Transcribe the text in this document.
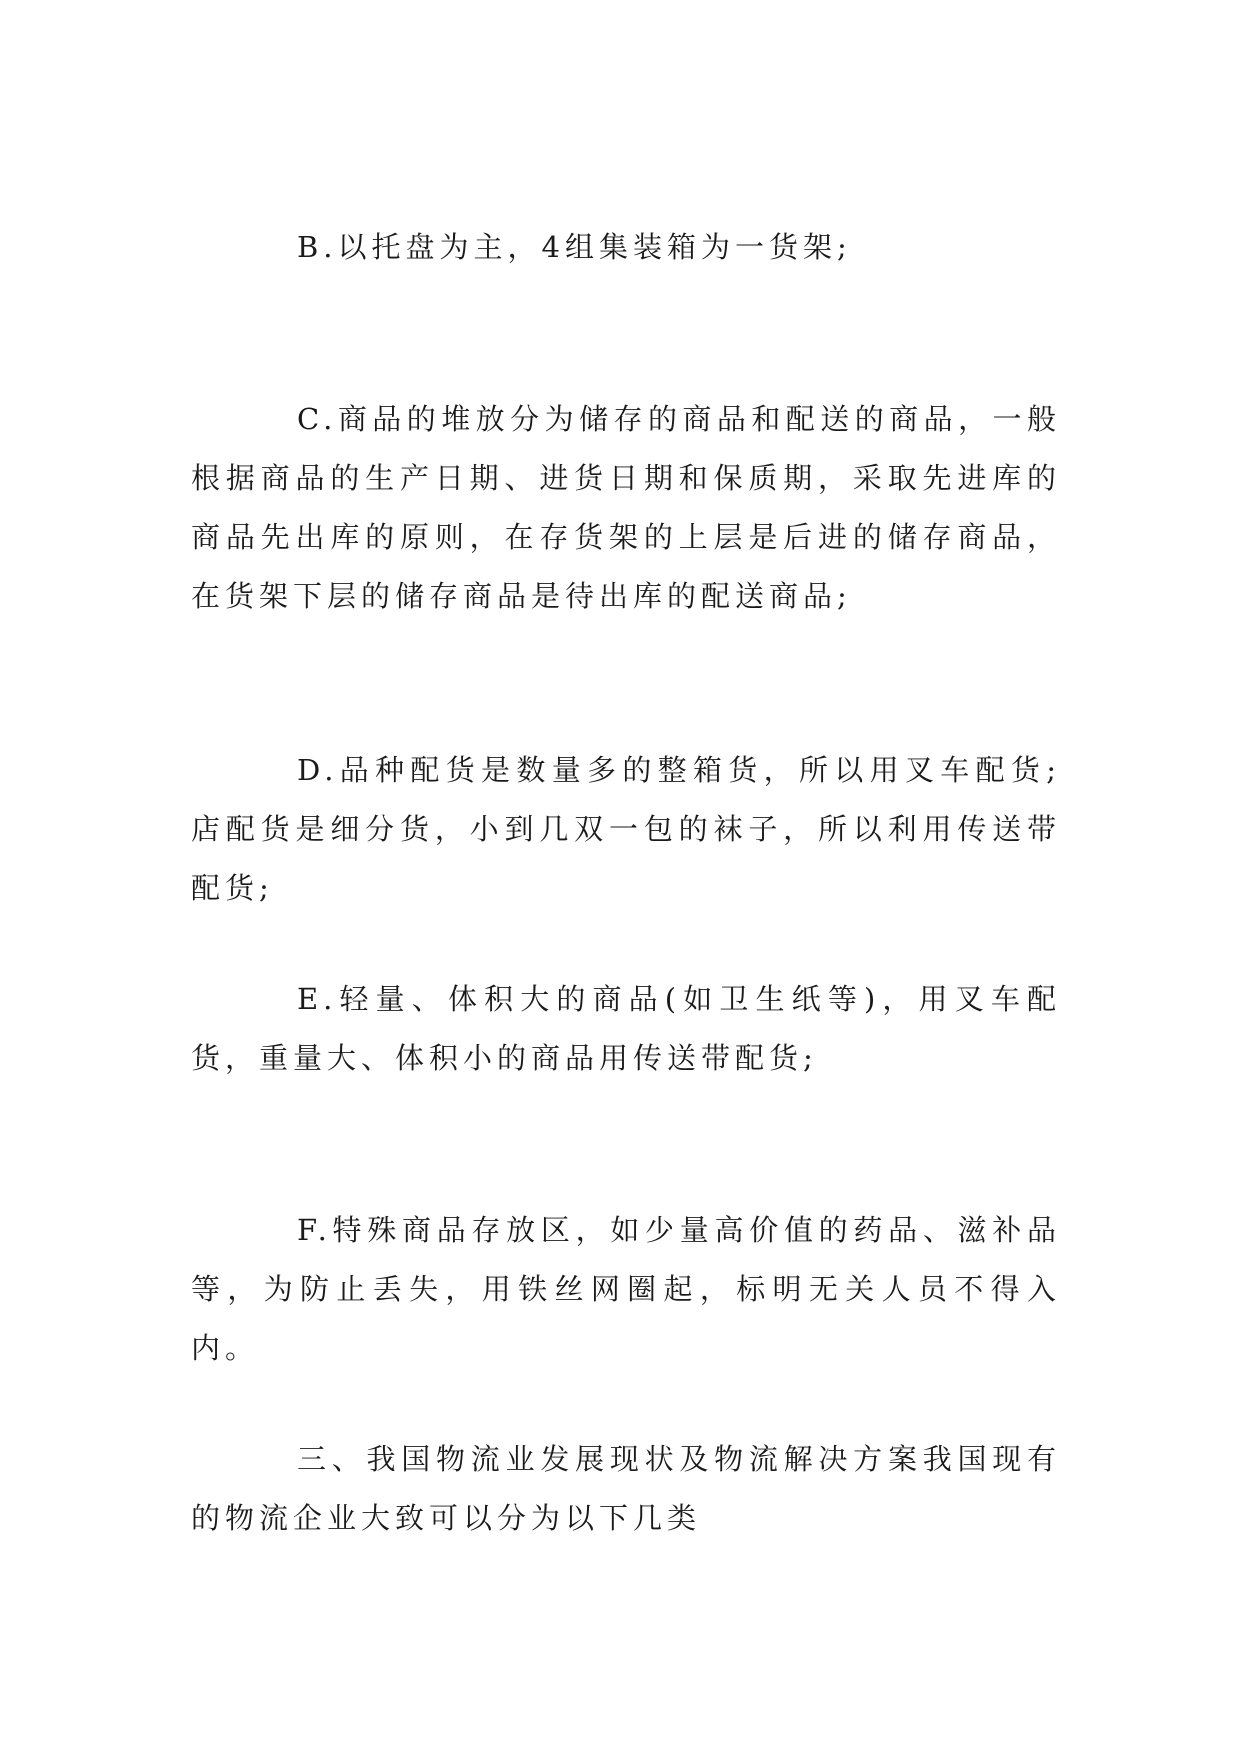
B.以托盘为主，4组集装箱为一货架;

C.商品的堆放分为储存的商品和配送的商品，一般根据商品的生产日期、进货日期和保质期，采取先进库的商品先出库的原则，在存货架的上层是后进的储存商品，在货架下层的储存商品是待出库的配送商品;

D.品种配货是数量多的整箱货，所以用叉车配货;店配货是细分货，小到几双一包的袜子，所以利用传送带配货;

E.轻量、体积大的商品(如卫生纸等)，用叉车配货，重量大、体积小的商品用传送带配货;

F.特殊商品存放区，如少量高价值的药品、滋补品等，为防止丢失，用铁丝网圈起，标明无关人员不得入内。

三、我国物流业发展现状及物流解决方案我国现有的物流企业大致可以分为以下几类
